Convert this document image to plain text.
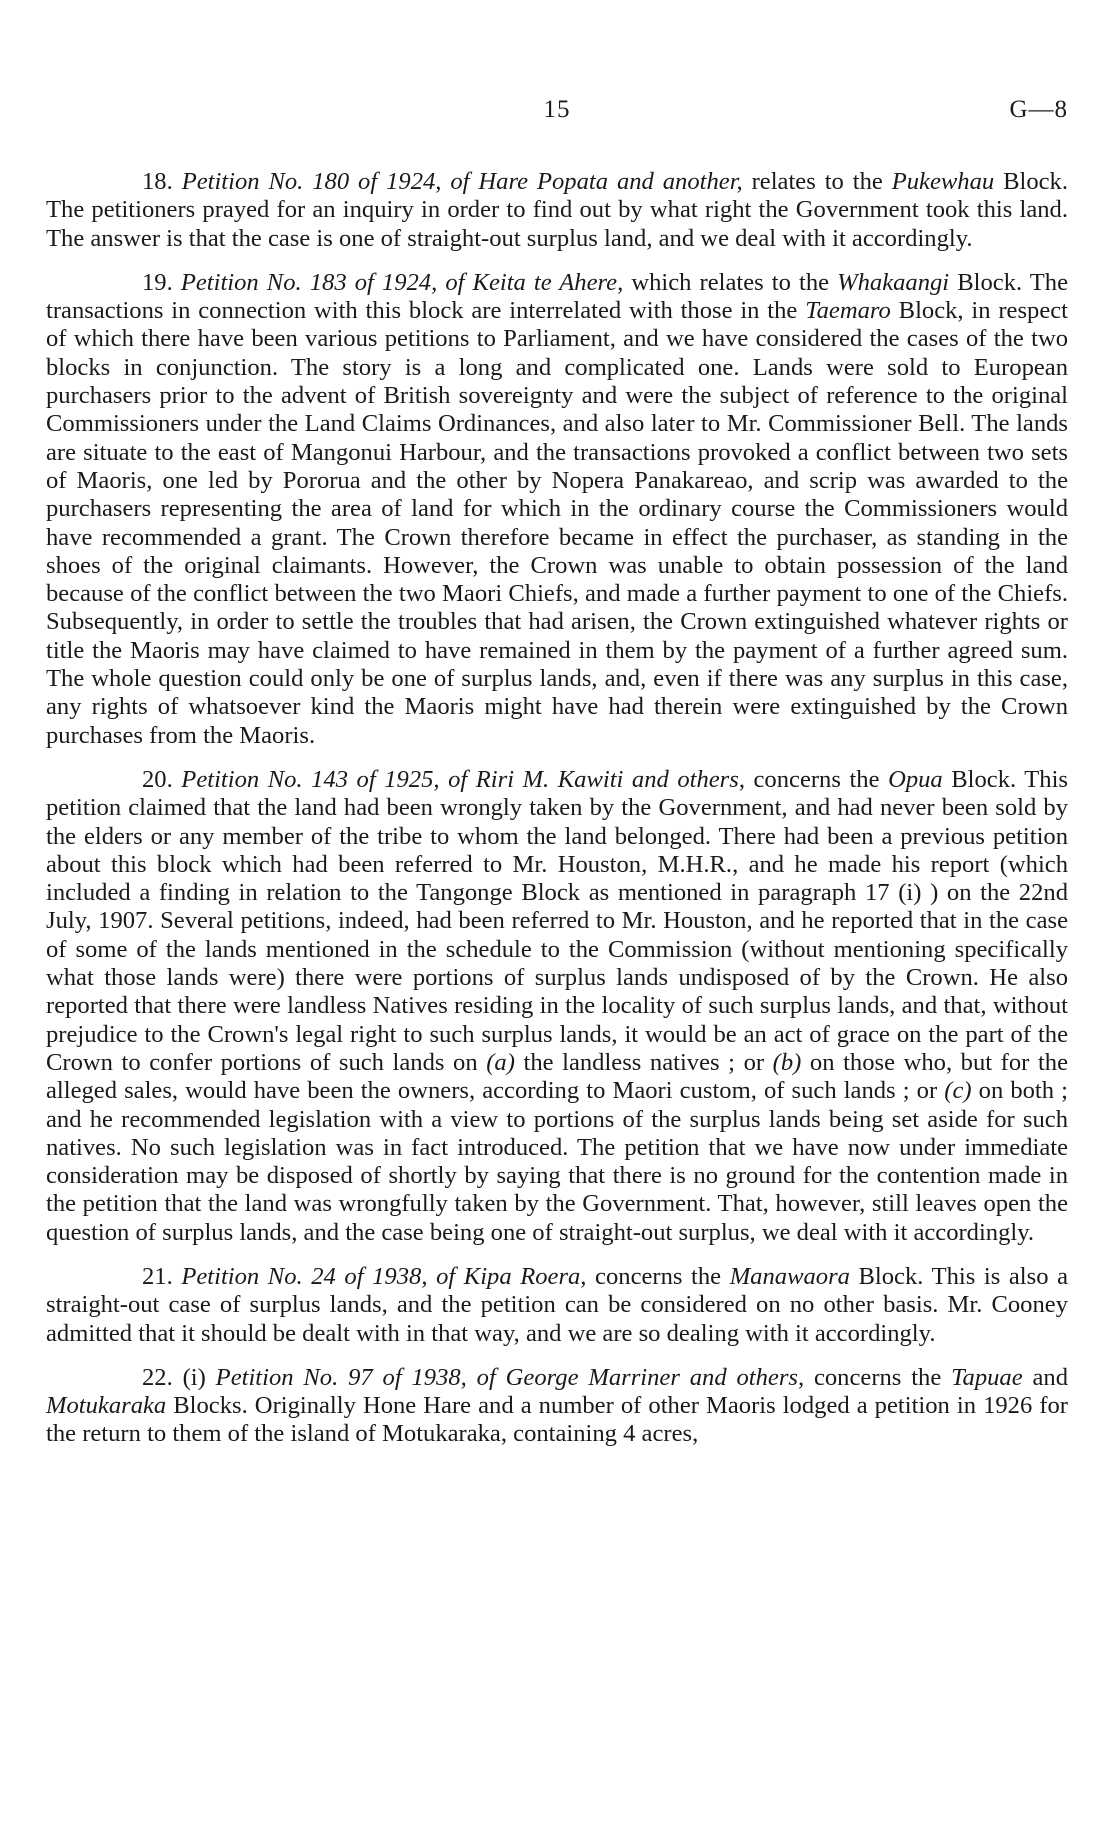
15	G—8

18. Petition No. 180 of 1924, of Hare Popata and another, relates to the Pukewhau Block. The petitioners prayed for an inquiry in order to find out by what right the Government took this land. The answer is that the case is one of straight-out surplus land, and we deal with it accordingly.

19. Petition No. 183 of 1924, of Keita te Ahere, which relates to the Whakaangi Block. The transactions in connection with this block are interrelated with those in the Taemaro Block, in respect of which there have been various petitions to Parliament, and we have considered the cases of the two blocks in conjunction. The story is a long and complicated one. Lands were sold to European purchasers prior to the advent of British sovereignty and were the subject of reference to the original Commissioners under the Land Claims Ordinances, and also later to Mr. Commissioner Bell. The lands are situate to the east of Mangonui Harbour, and the transactions provoked a conflict between two sets of Maoris, one led by Pororua and the other by Nopera Panakareao, and scrip was awarded to the purchasers representing the area of land for which in the ordinary course the Commissioners would have recommended a grant. The Crown therefore became in effect the purchaser, as standing in the shoes of the original claimants. However, the Crown was unable to obtain possession of the land because of the conflict between the two Maori Chiefs, and made a further payment to one of the Chiefs. Subsequently, in order to settle the troubles that had arisen, the Crown extinguished whatever rights or title the Maoris may have claimed to have remained in them by the payment of a further agreed sum. The whole question could only be one of surplus lands, and, even if there was any surplus in this case, any rights of whatsoever kind the Maoris might have had therein were extinguished by the Crown purchases from the Maoris.

20. Petition No. 143 of 1925, of Riri M. Kawiti and others, concerns the Opua Block. This petition claimed that the land had been wrongly taken by the Government, and had never been sold by the elders or any member of the tribe to whom the land belonged. There had been a previous petition about this block which had been referred to Mr. Houston, M.H.R., and he made his report (which included a finding in relation to the Tangonge Block as mentioned in paragraph 17 (i) ) on the 22nd July, 1907. Several petitions, indeed, had been referred to Mr. Houston, and he reported that in the case of some of the lands mentioned in the schedule to the Commission (without mentioning specifically what those lands were) there were portions of surplus lands undisposed of by the Crown. He also reported that there were landless Natives residing in the locality of such surplus lands, and that, without prejudice to the Crown's legal right to such surplus lands, it would be an act of grace on the part of the Crown to confer portions of such lands on (a) the landless natives ; or (b) on those who, but for the alleged sales, would have been the owners, according to Maori custom, of such lands ; or (c) on both ; and he recommended legislation with a view to portions of the surplus lands being set aside for such natives. No such legislation was in fact introduced. The petition that we have now under immediate consideration may be disposed of shortly by saying that there is no ground for the contention made in the petition that the land was wrongfully taken by the Government. That, however, still leaves open the question of surplus lands, and the case being one of straight-out surplus, we deal with it accordingly.

21. Petition No. 24 of 1938, of Kipa Roera, concerns the Manawaora Block. This is also a straight-out case of surplus lands, and the petition can be considered on no other basis. Mr. Cooney admitted that it should be dealt with in that way, and we are so dealing with it accordingly.

22. (i) Petition No. 97 of 1938, of George Marriner and others, concerns the Tapuae and Motukaraka Blocks. Originally Hone Hare and a number of other Maoris lodged a petition in 1926 for the return to them of the island of Motukaraka, containing 4 acres,
